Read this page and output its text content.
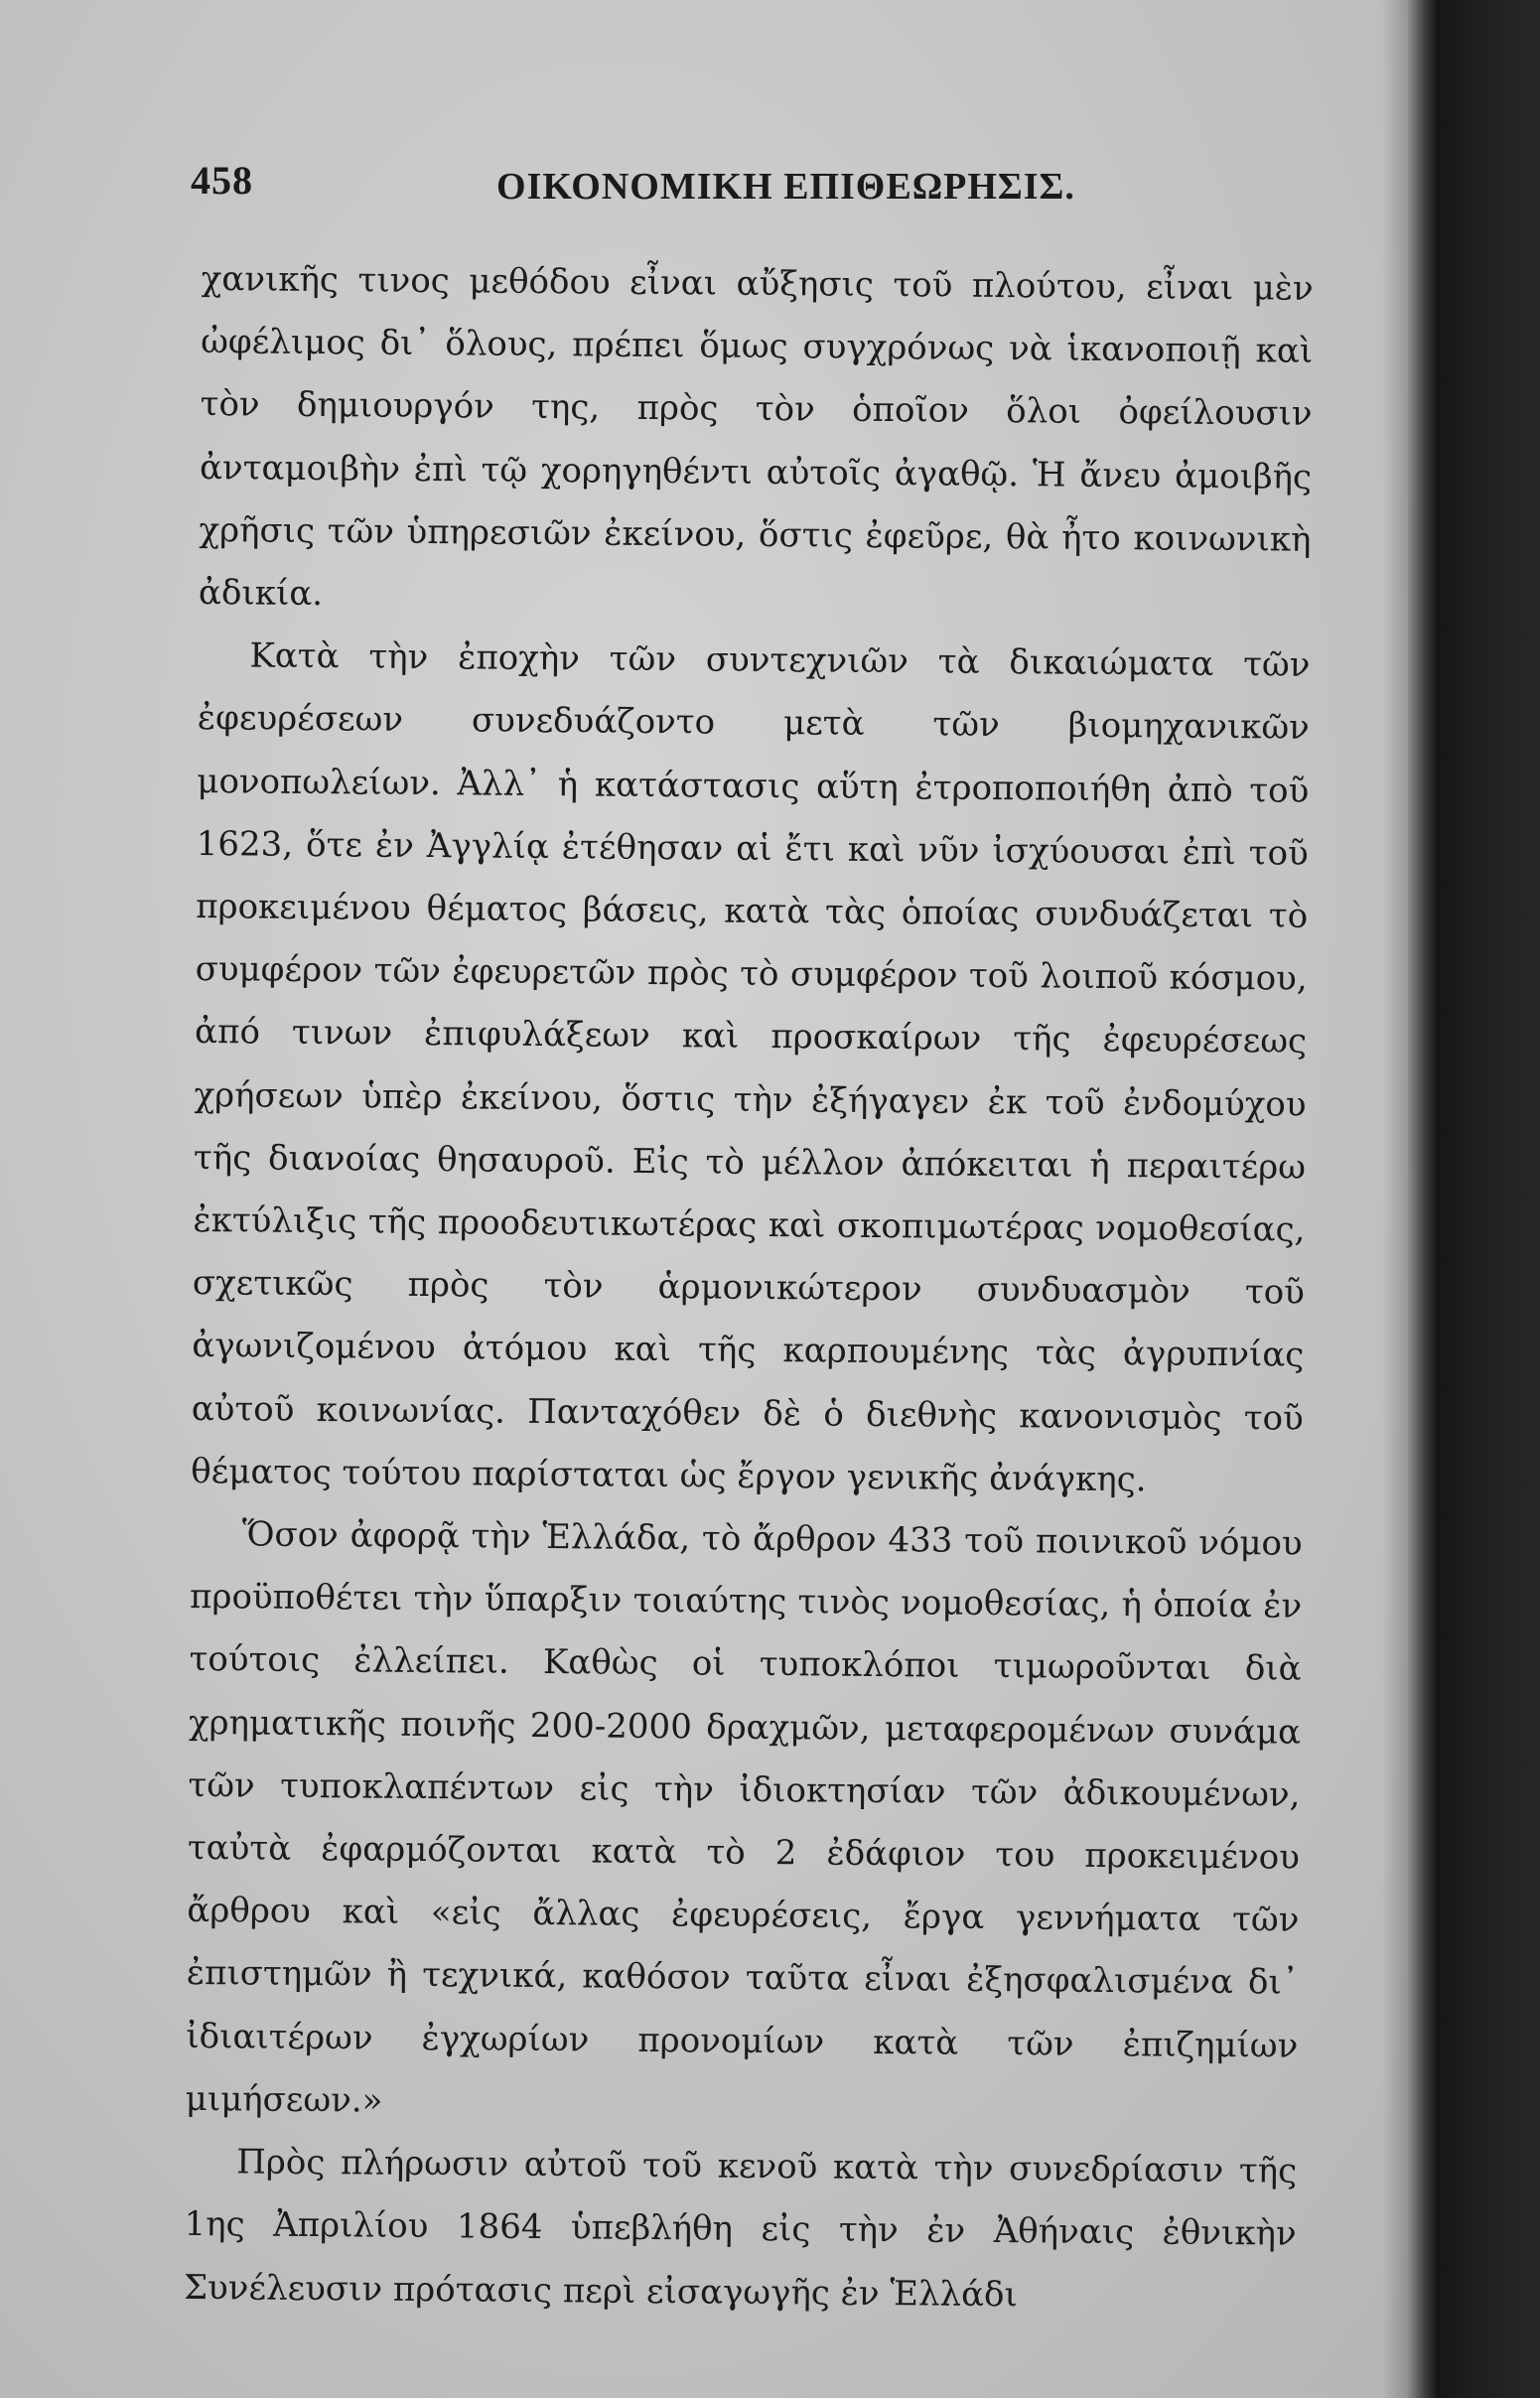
458	ΟΙΚΟΝΟΜΙΚΗ ΕΠΙΘΕΩΡΗΣΙΣ.

χανικῆς τινος μεθόδου εἶναι αὔξησις τοῦ πλούτου, εἶναι μὲν ὠφέλιμος δι᾽ ὅλους, πρέπει ὅμως συγχρόνως νὰ ἱκανοποιῇ καὶ τὸν δημιουργόν της, πρὸς τὸν ὁποῖον ὅλοι ὀφείλουσιν ἀνταμοιβὴν ἐπὶ τῷ χορηγηθέντι αὐτοῖς ἀγαθῷ. Ἡ ἄνευ ἀμοιβῆς χρῆσις τῶν ὑπηρεσιῶν ἐκείνου, ὅστις ἐφεῦρε, θὰ ἦτο κοινωνικὴ ἀδικία.

Κατὰ τὴν ἐποχὴν τῶν συντεχνιῶν τὰ δικαιώματα τῶν ἐφευρέσεων συνεδυάζοντο μετὰ τῶν βιομηχανικῶν μονοπωλείων. Ἀλλ᾽ ἡ κατάστασις αὕτη ἐτροποποιήθη ἀπὸ τοῦ 1623, ὅτε ἐν Ἀγγλίᾳ ἐτέθησαν αἱ ἔτι καὶ νῦν ἰσχύουσαι ἐπὶ τοῦ προκειμένου θέματος βάσεις, κατὰ τὰς ὁποίας συνδυάζεται τὸ συμφέρον τῶν ἐφευρετῶν πρὸς τὸ συμφέρον τοῦ λοιποῦ κόσμου, ἀπό τινων ἐπιφυλάξεων καὶ προσκαίρων τῆς ἐφευρέσεως χρήσεων ὑπὲρ ἐκείνου, ὅστις τὴν ἐξήγαγεν ἐκ τοῦ ἐνδομύχου τῆς διανοίας θησαυροῦ. Εἰς τὸ μέλλον ἀπόκειται ἡ περαιτέρω ἐκτύλιξις τῆς προοδευτικωτέρας καὶ σκοπιμωτέρας νομοθεσίας, σχετικῶς πρὸς τὸν ἁρμονικώτερον συνδυασμὸν τοῦ ἀγωνιζομένου ἀτόμου καὶ τῆς καρπουμένης τὰς ἀγρυπνίας αὐτοῦ κοινωνίας. Πανταχόθεν δὲ ὁ διεθνὴς κανονισμὸς τοῦ θέματος τούτου παρίσταται ὡς ἔργον γενικῆς ἀνάγκης.

Ὅσον ἀφορᾷ τὴν Ἑλλάδα, τὸ ἄρθρον 433 τοῦ ποινικοῦ νόμου προϋποθέτει τὴν ὕπαρξιν τοιαύτης τινὸς νομοθεσίας, ἡ ὁποία ἐν τούτοις ἐλλείπει. Καθὼς οἱ τυποκλόποι τιμωροῦνται διὰ χρηματικῆς ποινῆς 200-2000 δραχμῶν, μεταφερομένων συνάμα τῶν τυποκλαπέντων εἰς τὴν ἰδιοκτησίαν τῶν ἀδικουμένων, ταὐτὰ ἐφαρμόζονται κατὰ τὸ 2 ἐδάφιον του προκειμένου ἄρθρου καὶ «εἰς ἄλλας ἐφευρέσεις, ἔργα γεννήματα τῶν ἐπιστημῶν ἢ τεχνικά, καθόσον ταῦτα εἶναι ἐξησφαλισμένα δι᾽ ἰδιαιτέρων ἐγχωρίων προνομίων κατὰ τῶν ἐπιζημίων μιμήσεων.»

Πρὸς πλήρωσιν αὐτοῦ τοῦ κενοῦ κατὰ τὴν συνεδρίασιν τῆς 1ης Ἀπριλίου 1864 ὑπεβλήθη εἰς τὴν ἐν Ἀθήναις ἐθνικὴν Συνέλευσιν πρότασις περὶ εἰσαγωγῆς ἐν Ἑλλάδι
